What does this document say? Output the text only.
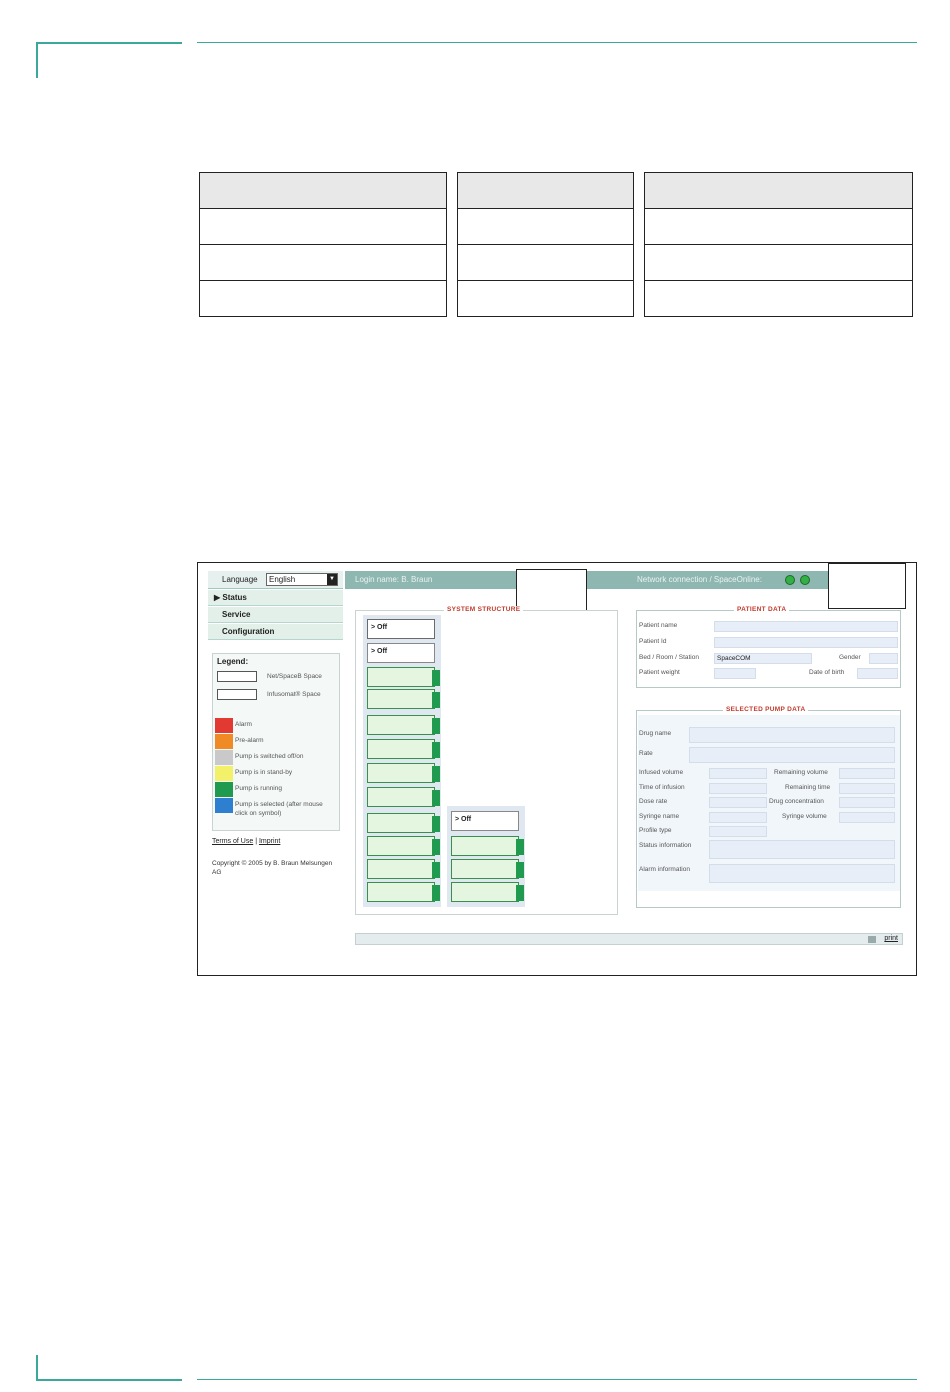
Language	English	▼
▶ Status
Service
Configuration
Legend:
Net/SpaceB Space
Infusomat® Space
Alarm
Pre-alarm
Pump is switched off/on
Pump is in stand-by
Pump is running
Pump is selected (after mouse click on symbol)
Terms of Use | Imprint
Copyright © 2005 by B. Braun Melsungen AG
Login name: B. Braun	Network connection / SpaceOnline:
SYSTEM STRUCTURE
> Off
> Off
> Off
PATIENT DATA
Patient name
Patient Id
Bed / Room / Station	SpaceCOM	Gender
Patient weight	Date of birth
SELECTED PUMP DATA
Drug name
Rate
Infused volume	Remaining volume
Time of infusion	Remaining time
Dose rate	Drug concentration
Syringe name	Syringe volume
Profile type
Status information
Alarm information
print
